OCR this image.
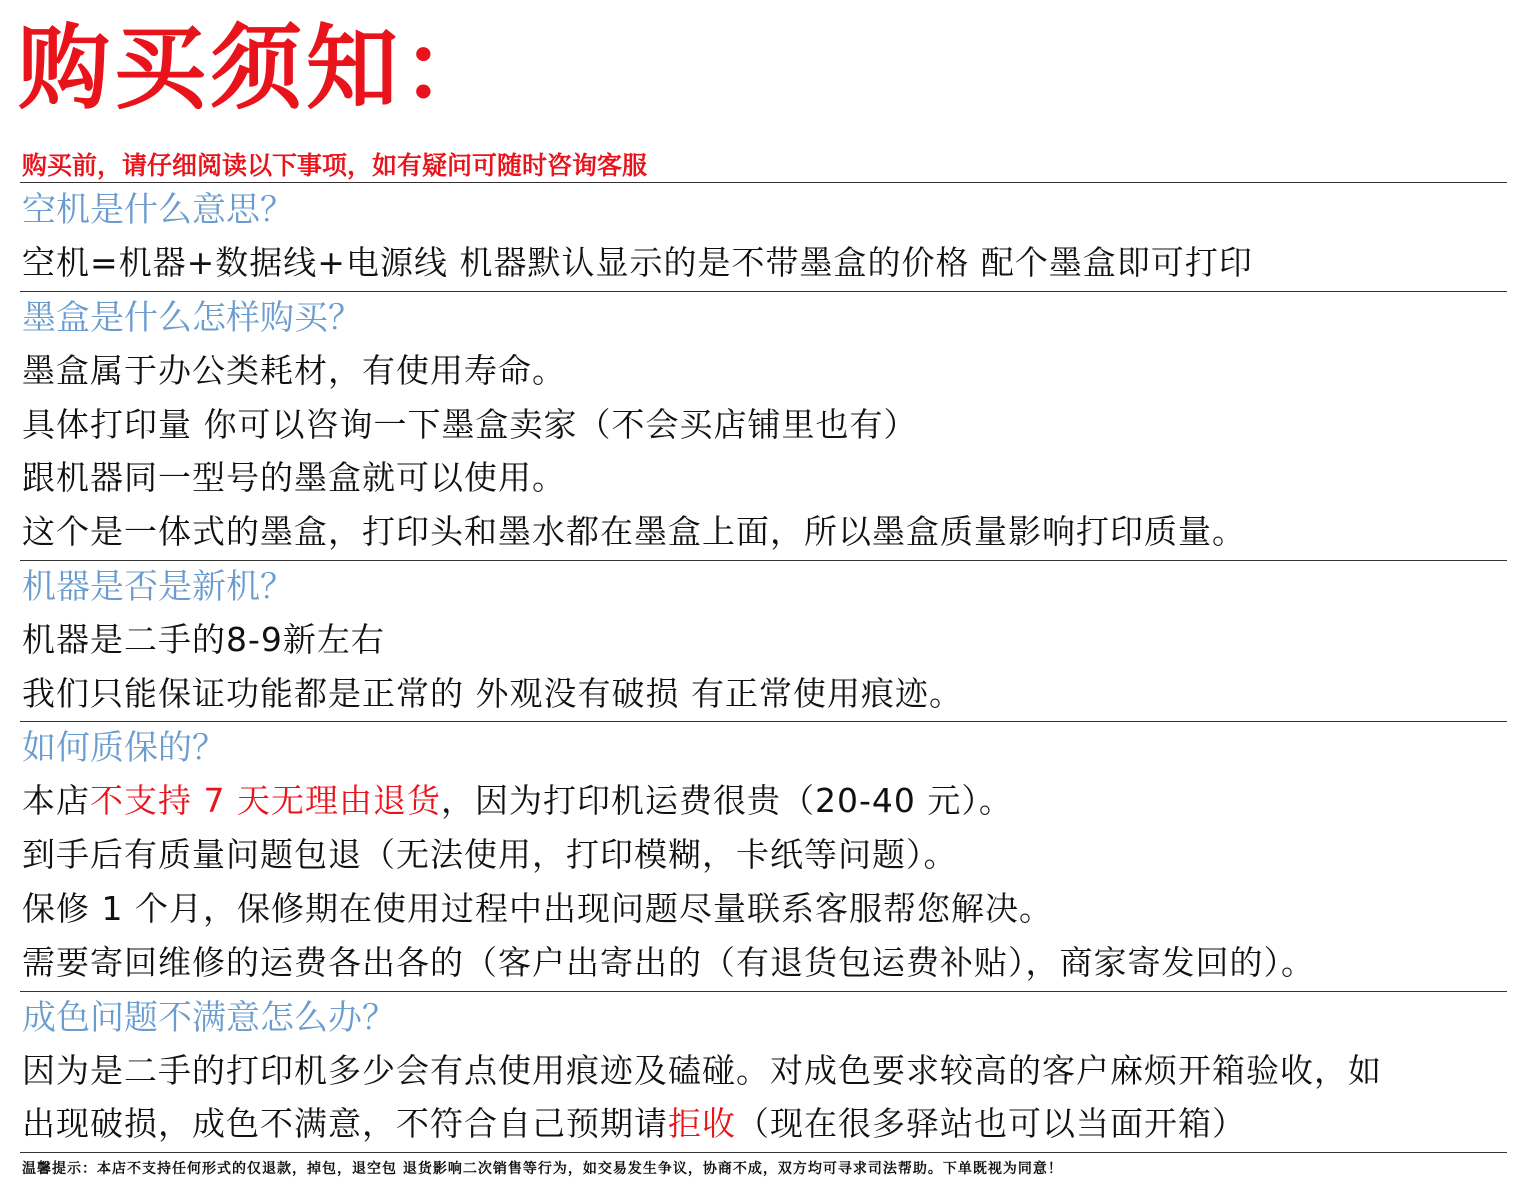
购买须知：
购买前，请仔细阅读以下事项，如有疑问可随时咨询客服
空机是什么意思？
空机=机器+数据线+电源线 机器默认显示的是不带墨盒的价格 配个墨盒即可打印
墨盒是什么怎样购买？
墨盒属于办公类耗材，有使用寿命。
具体打印量 你可以咨询一下墨盒卖家（不会买店铺里也有）
跟机器同一型号的墨盒就可以使用。
这个是一体式的墨盒，打印头和墨水都在墨盒上面，所以墨盒质量影响打印质量。
机器是否是新机？
机器是二手的8-9新左右
我们只能保证功能都是正常的 外观没有破损 有正常使用痕迹。
如何质保的？
本店不支持 7 天无理由退货，因为打印机运费很贵（20-40 元）。
到手后有质量问题包退（无法使用，打印模糊，卡纸等问题）。
保修 1 个月，保修期在使用过程中出现问题尽量联系客服帮您解决。
需要寄回维修的运费各出各的（客户出寄出的（有退货包运费补贴），商家寄发回的）。
成色问题不满意怎么办？
因为是二手的打印机多少会有点使用痕迹及磕碰。对成色要求较高的客户麻烦开箱验收，如
出现破损，成色不满意，不符合自己预期请拒收（现在很多驿站也可以当面开箱）
温馨提示：本店不支持任何形式的仅退款，掉包，退空包 退货影响二次销售等行为，如交易发生争议，协商不成，双方均可寻求司法帮助。下单既视为同意！
